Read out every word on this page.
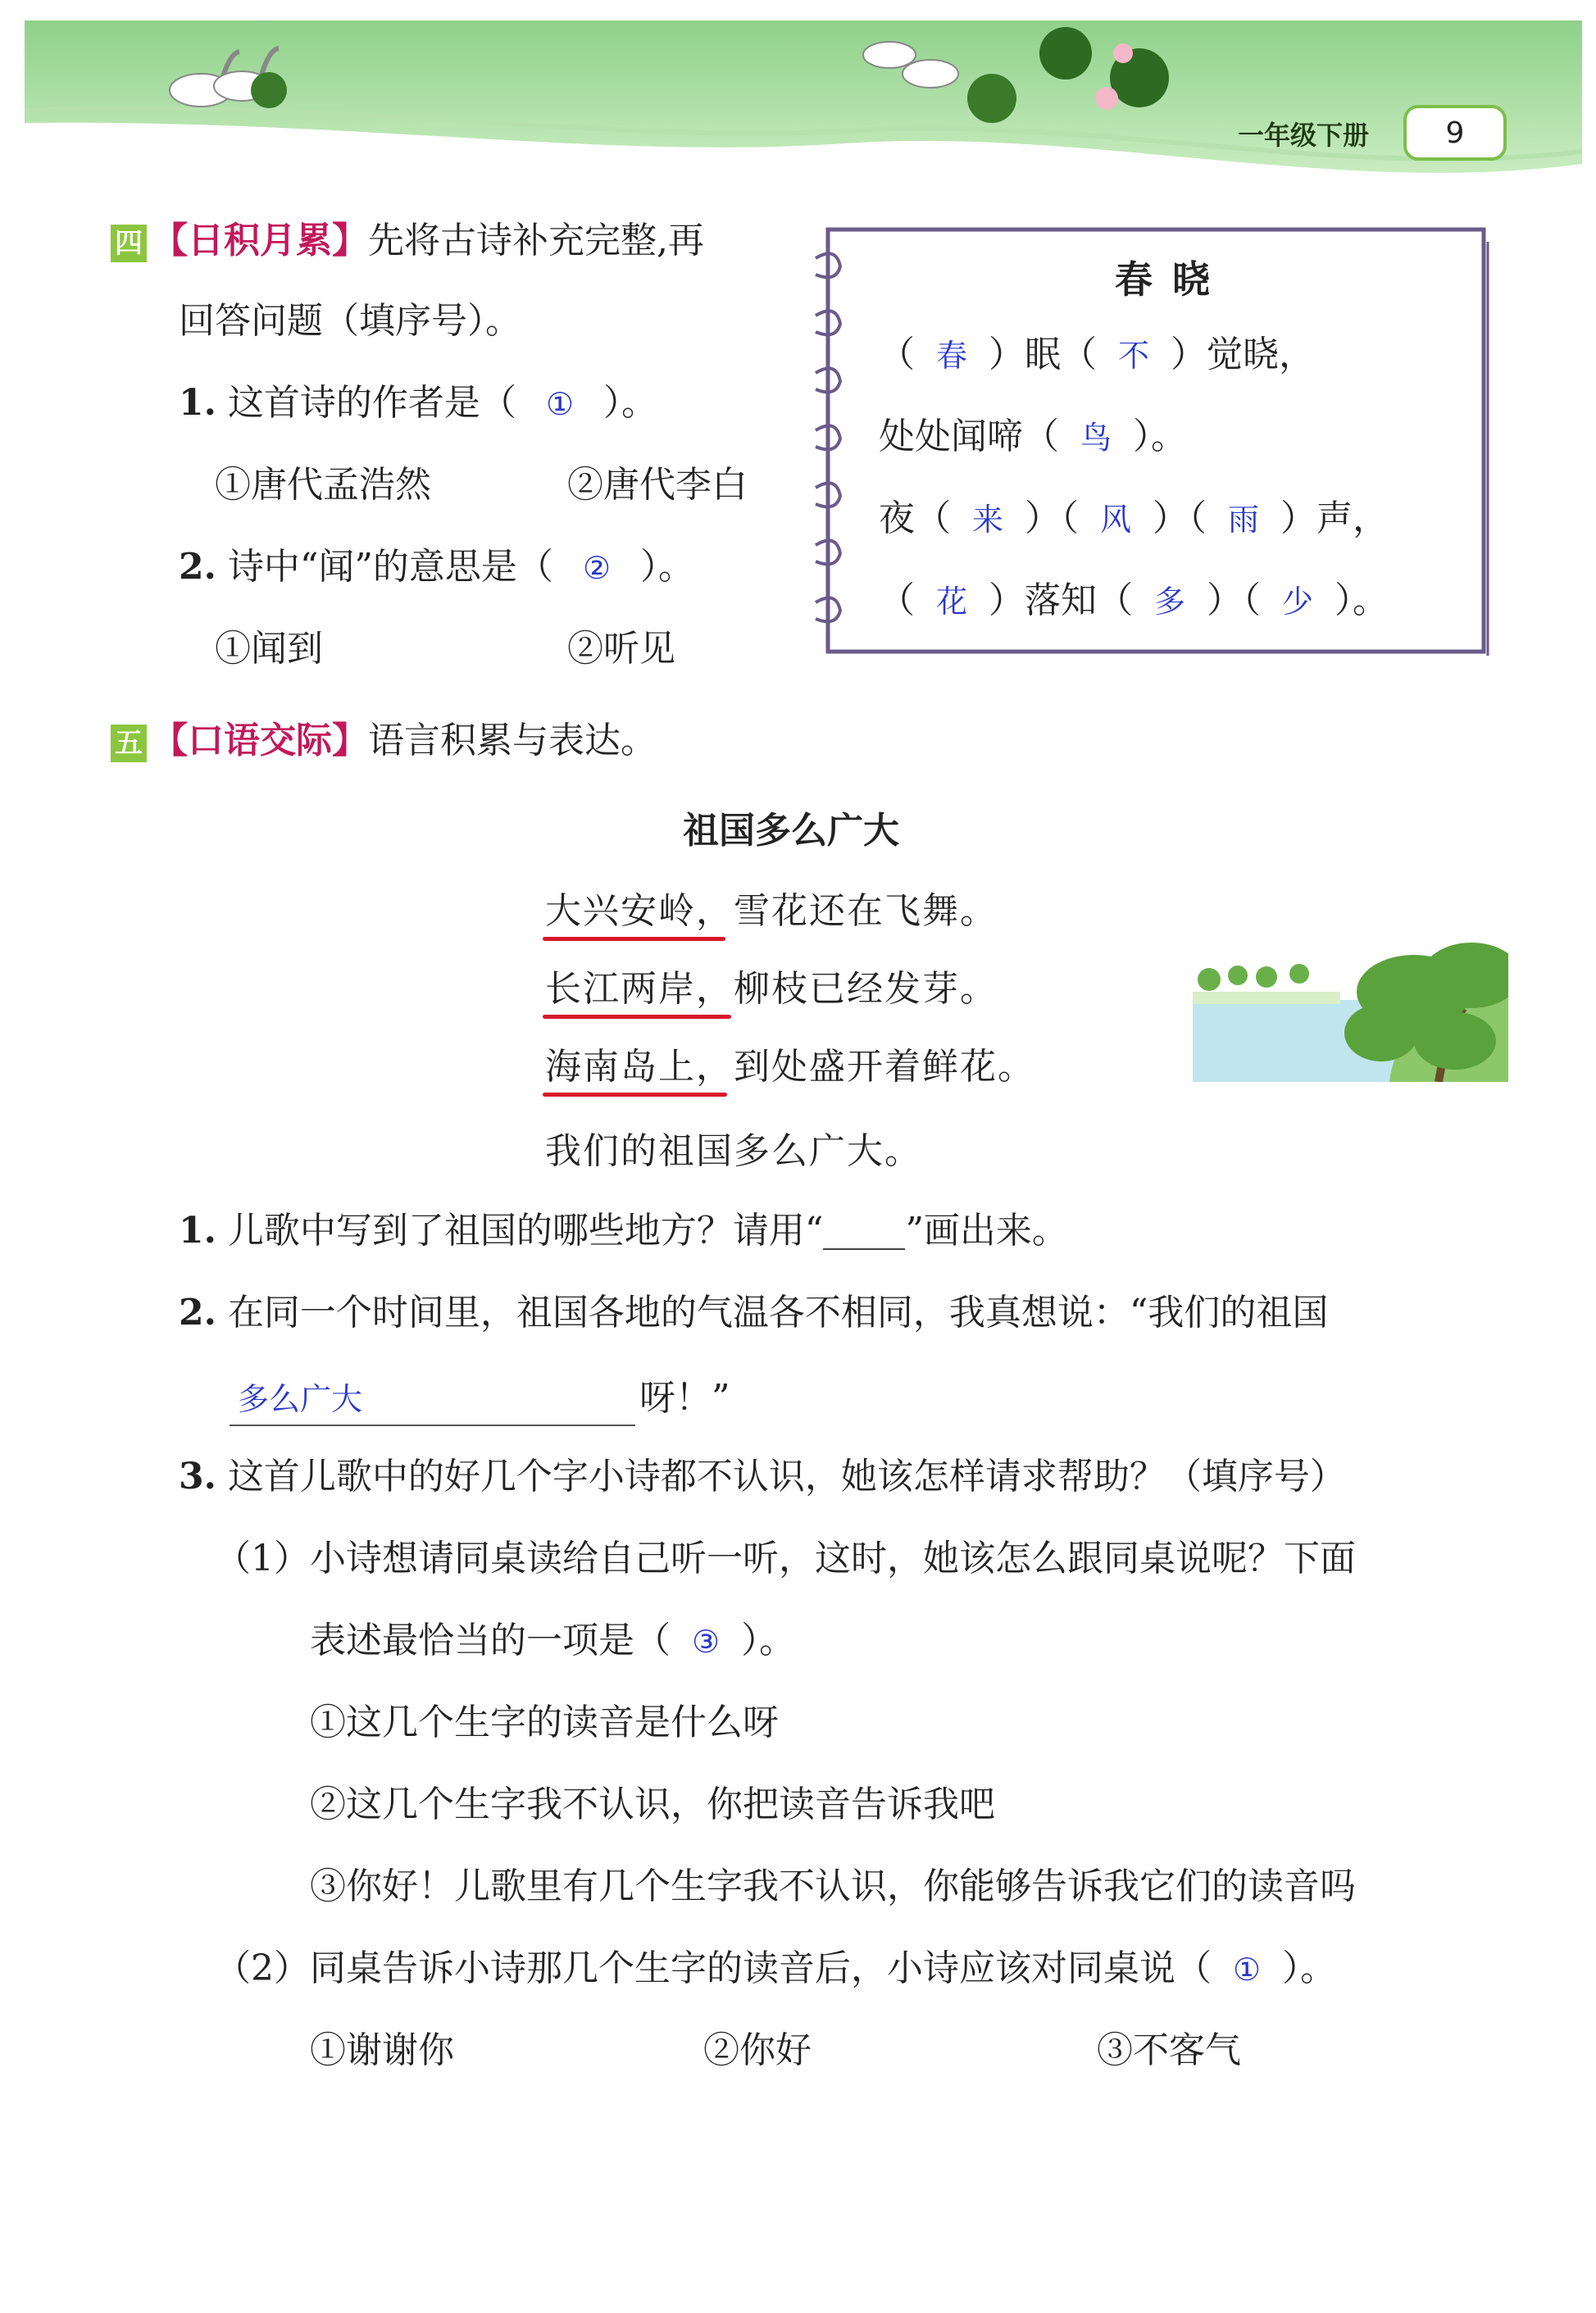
一年级下册	9
四 【日积月累】先将古诗补充完整,再
回答问题（填序号）。
1. 这首诗的作者是（ ① ）。
①唐代孟浩然	②唐代李白
2. 诗中“闻”的意思是（ ② ）。
①闻到	②听见
春晓
（ 春 ）眠（ 不 ）觉晓，
处处闻啼（ 鸟 ）。
夜（ 来 ）（ 风 ）（ 雨 ）声，
（ 花 ）落知（ 多 ）（ 少 ）。
五 【口语交际】语言积累与表达。
祖国多么广大
大兴安岭，雪花还在飞舞。
长江两岸，柳枝已经发芽。
海南岛上，到处盛开着鲜花。
我们的祖国多么广大。
1. 儿歌中写到了祖国的哪些地方？请用“ ”画出来。
2. 在同一个时间里，祖国各地的气温各不相同，我真想说：“我们的祖国
多么广大	呀！”
3. 这首儿歌中的好几个字小诗都不认识，她该怎样请求帮助？（填序号）
（1）小诗想请同桌读给自己听一听，这时，她该怎么跟同桌说呢？下面
表述最恰当的一项是（ ③ ）。
①这几个生字的读音是什么呀
②这几个生字我不认识，你把读音告诉我吧
③你好！儿歌里有几个生字我不认识，你能够告诉我它们的读音吗
（2）同桌告诉小诗那几个生字的读音后，小诗应该对同桌说（ ① ）。
①谢谢你	②你好	③不客气
